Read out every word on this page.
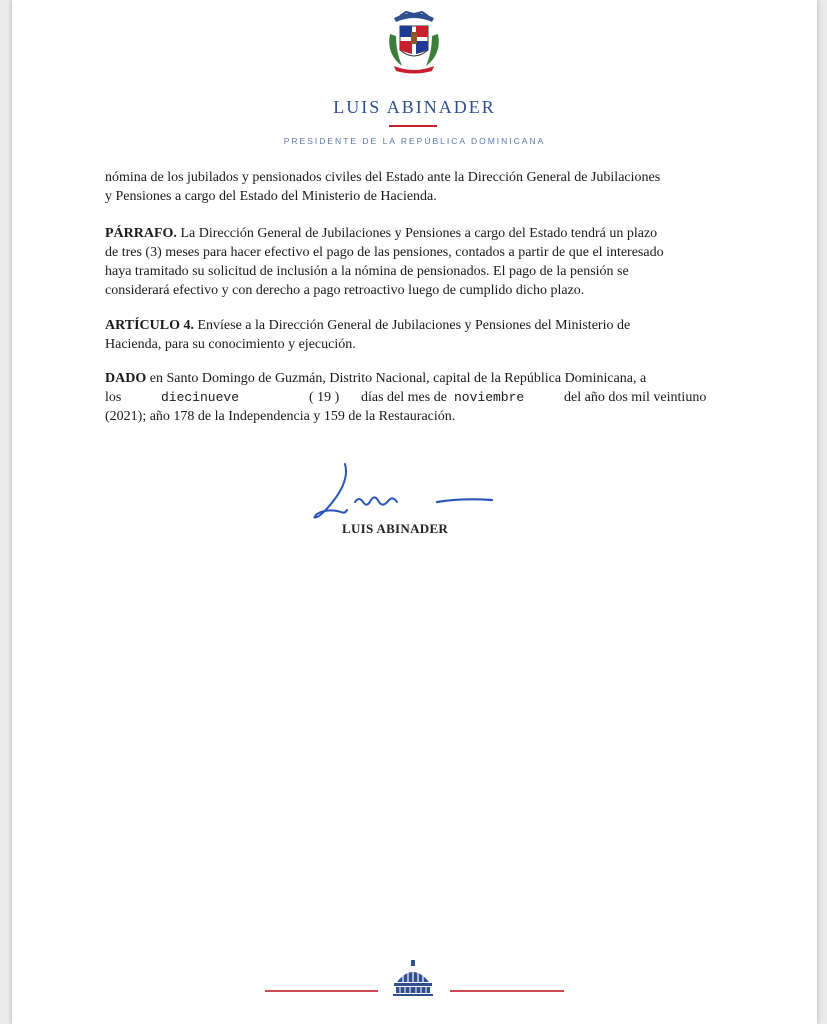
LUIS ABINADER
PRESIDENTE DE LA REPÚBLICA DOMINICANA
nómina de los jubilados y pensionados civiles del Estado ante la Dirección General de Jubilaciones
y Pensiones a cargo del Estado del Ministerio de Hacienda.
PÁRRAFO. La Dirección General de Jubilaciones y Pensiones a cargo del Estado tendrá un plazo
de tres (3) meses para hacer efectivo el pago de las pensiones, contados a partir de que el interesado
haya tramitado su solicitud de inclusión a la nómina de pensionados. El pago de la pensión se
considerará efectivo y con derecho a pago retroactivo luego de cumplido dicho plazo.
ARTÍCULO 4. Envíese a la Dirección General de Jubilaciones y Pensiones del Ministerio de
Hacienda, para su conocimiento y ejecución.
DADO en Santo Domingo de Guzmán, Distrito Nacional, capital de la República Dominicana, a
los	diecinueve	( 19 ) días del mes de noviembre	del año dos mil veintiuno
(2021); año 178 de la Independencia y 159 de la Restauración.
LUIS ABINADER
